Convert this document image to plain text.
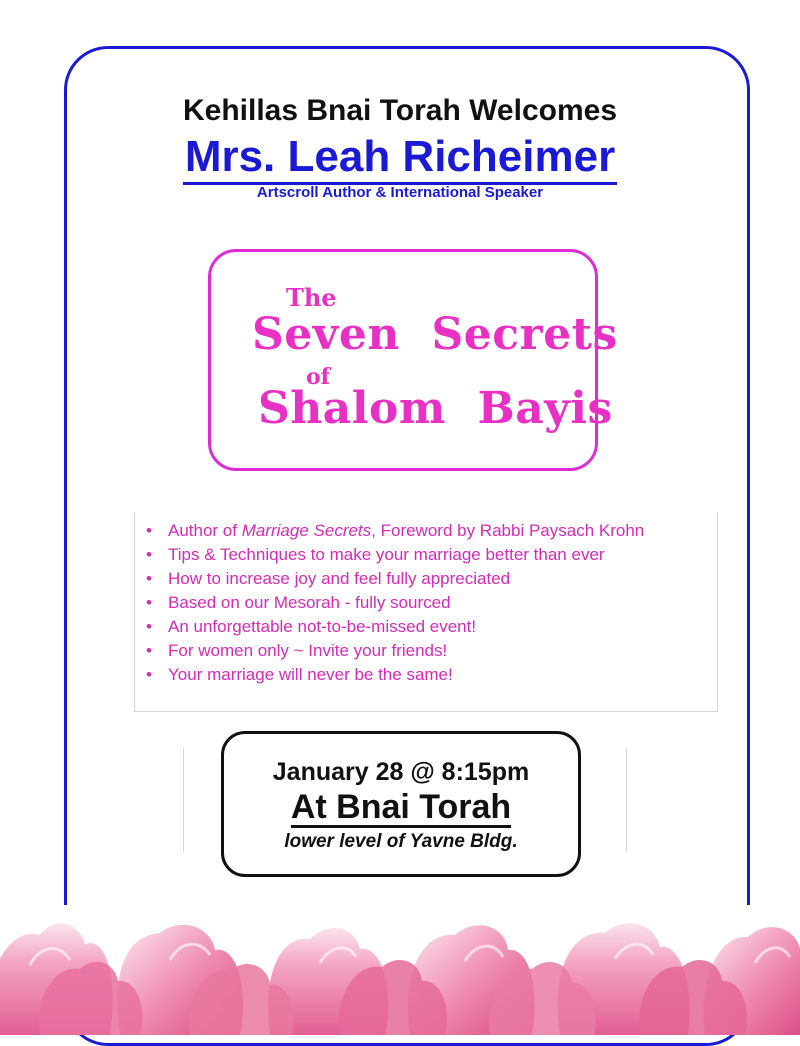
Kehillas Bnai Torah Welcomes
Mrs. Leah Richeimer
Artscroll Author & International Speaker
The
Seven  Secrets
of
Shalom  Bayis
• Author of Marriage Secrets, Foreword by Rabbi Paysach Krohn
• Tips & Techniques to make your marriage better than ever
• How to increase joy and feel fully appreciated
• Based on our Mesorah - fully sourced
• An unforgettable not-to-be-missed event!
• For women only ~ Invite your friends!
• Your marriage will never be the same!
January 28 @ 8:15pm
At Bnai Torah
lower level of Yavne Bldg.
